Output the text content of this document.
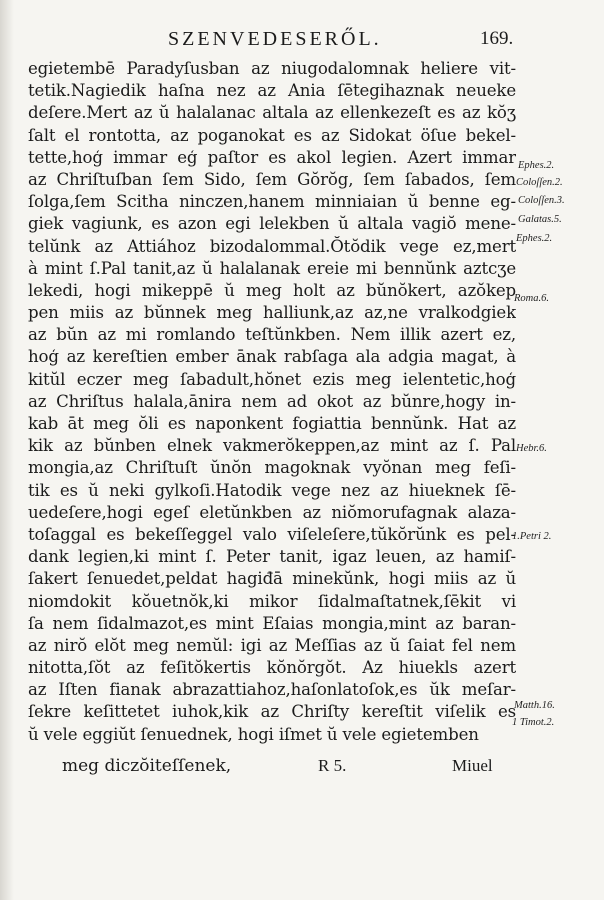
SZENVEDESERŐL.	169.
egietembē Paradyſusban az niugodalomnak heliere vit-
tetik.Nagiedik haſna nez az Ania ſētegihaznak neueke
deſere.Mert az ŭ halalanac altala az ellenkezeſt es az kŏʒ
ſalt el rontotta, az poganokat es az Sidokat öſue bekel-
tette,hoģ immar eģ paſtor es akol legien. Azert immar
az Chriſtuſban ſem Sido, ſem Gŏrŏg, ſem ſabados, ſem
ſolga,ſem Scitha ninczen,hanem minniaian ŭ benne eg-
giek vagiunk, es azon egi lelekben ŭ altala vagiŏ mene-
telŭnk az Attiához bizodalommal.Ŏtŏdik vege ez,mert
à mint ſ.Pal tanit,az ŭ halalanak ereie mi bennŭnk aztcʒe
lekedi, hogi mikeppē ŭ meg holt az bŭnŏkert, azŏkep
pen miis az bŭnnek meg halliunk,az az,ne vralkodgiek
az bŭn az mi romlando teſtŭnkben. Nem illik azert ez,
hoģ az kereſtien ember ānak rabſaga ala adgia magat, à
kitŭl eczer meg ſabadult,hŏnet ezis meg ielentetic,hoģ
az Chriſtus halala,ānira nem ad okot az bŭnre,hogy in-
kab āt meg ŏli es naponkent fogiattia bennŭnk. Hat az
kik az bŭnben elnek vakmerŏkeppen,az mint az ſ. Pal
mongia,az Chriſtuſt ŭnŏn magoknak vyŏnan meg feſi-
tik es ŭ neki gylkoſi.Hatodik vege nez az hiueknek ſē-
uedeſere,hogi egeſ eletŭnkben az niŏmorufagnak alaza-
toſaggal es bekeſſeggel valo viſeleſere,tŭkŏrŭnk es pel-
dank legien,ki mint ſ. Peter tanit, igaz leuen, az hamiſ-
ſakert ſenuedet,peldat hagiđā minekŭnk, hogi miis az ŭ
niomdokit kŏuetnŏk,ki mikor ſidalmaſtatnek,ſēkit vi
ſa nem ſidalmazot,es mint Eſaias mongia,mint az baran-
az nirŏ elŏt meg nemŭl: igi az Meſſias az ŭ ſaiat fel nem
nitotta,ſŏt az feſitŏkertis kŏnŏrgŏt. Az hiuekls azert
az Iſten fianak abrazattiahoz,haſonlatoſok,es ŭk meſar-
ſekre keſittetet iuhok,kik az Chriſty kereſtit viſelik es
ŭ vele eggiŭt ſenuednek, hogi iſmet ŭ vele egietemben
Ephes.2.
Coloſſen.2.
Coloſſen.3.
Galatas.5.
Ephes.2.
Roma.6.
Hebr.6.
1.Petri 2.
Matth.16.
1 Timot.2.
meg diczŏiteſſenek,	R 5.	Miuel
